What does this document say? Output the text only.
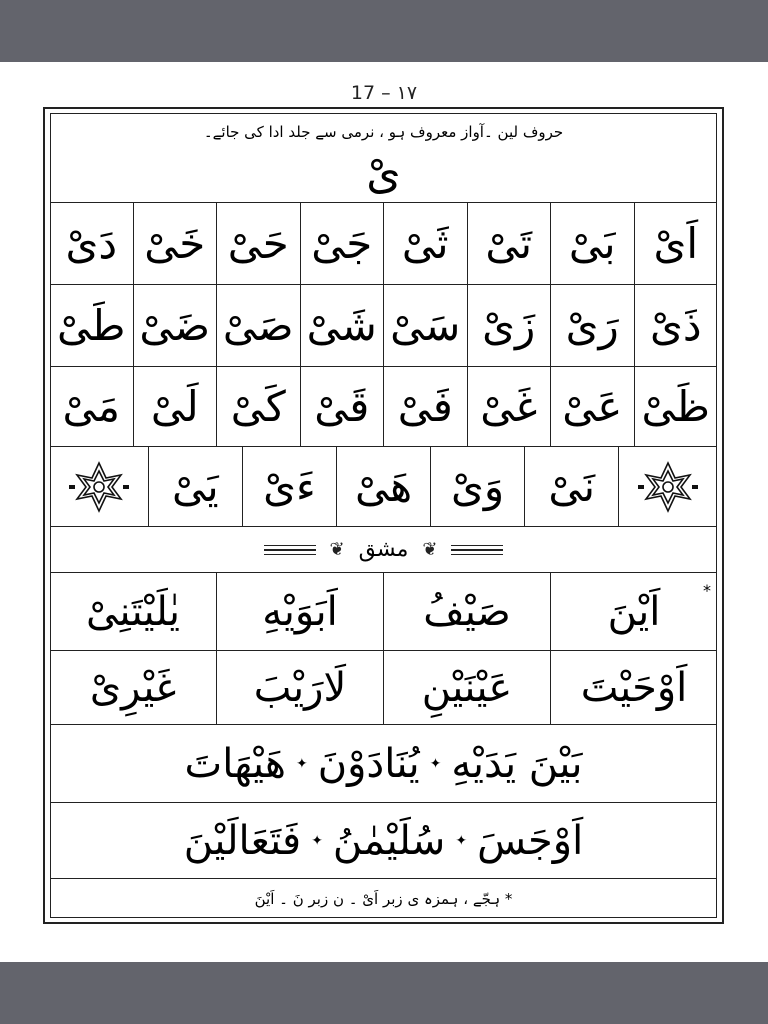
17 – ١٧
حروف لین ۔آواز معروف ہو ، نرمی سے جلد ادا کی جائے۔
یْ
اَیْ
بَیْ
تَیْ
ثَیْ
جَیْ
حَیْ
خَیْ
دَیْ
ذَیْ
رَیْ
زَیْ
سَیْ
شَیْ
صَیْ
ضَیْ
طَیْ
ظَیْ
عَیْ
غَیْ
فَیْ
قَیْ
کَیْ
لَیْ
مَیْ
نَیْ
وَیْ
هَیْ
ءَیْ
یَیْ
❦ مشق ❦
*
اَیْنَ
صَیْفُ
اَبَوَیْهِ
یٰلَیْتَنِیْ
اَوْحَیْتَ
عَیْنَیْنِ
لَارَیْبَ
غَیْرِیْ
بَیْنَ یَدَیْهِ
✦
یُنَادَوْنَ
✦
هَیْهَاتَ
اَوْجَسَ
✦
سُلَیْمٰنُ
✦
فَتَعَالَیْنَ
* ہجّے ، ہمزہ ی زبر اَیْ ۔ ن زبر نَ ۔ اَیْنَ
